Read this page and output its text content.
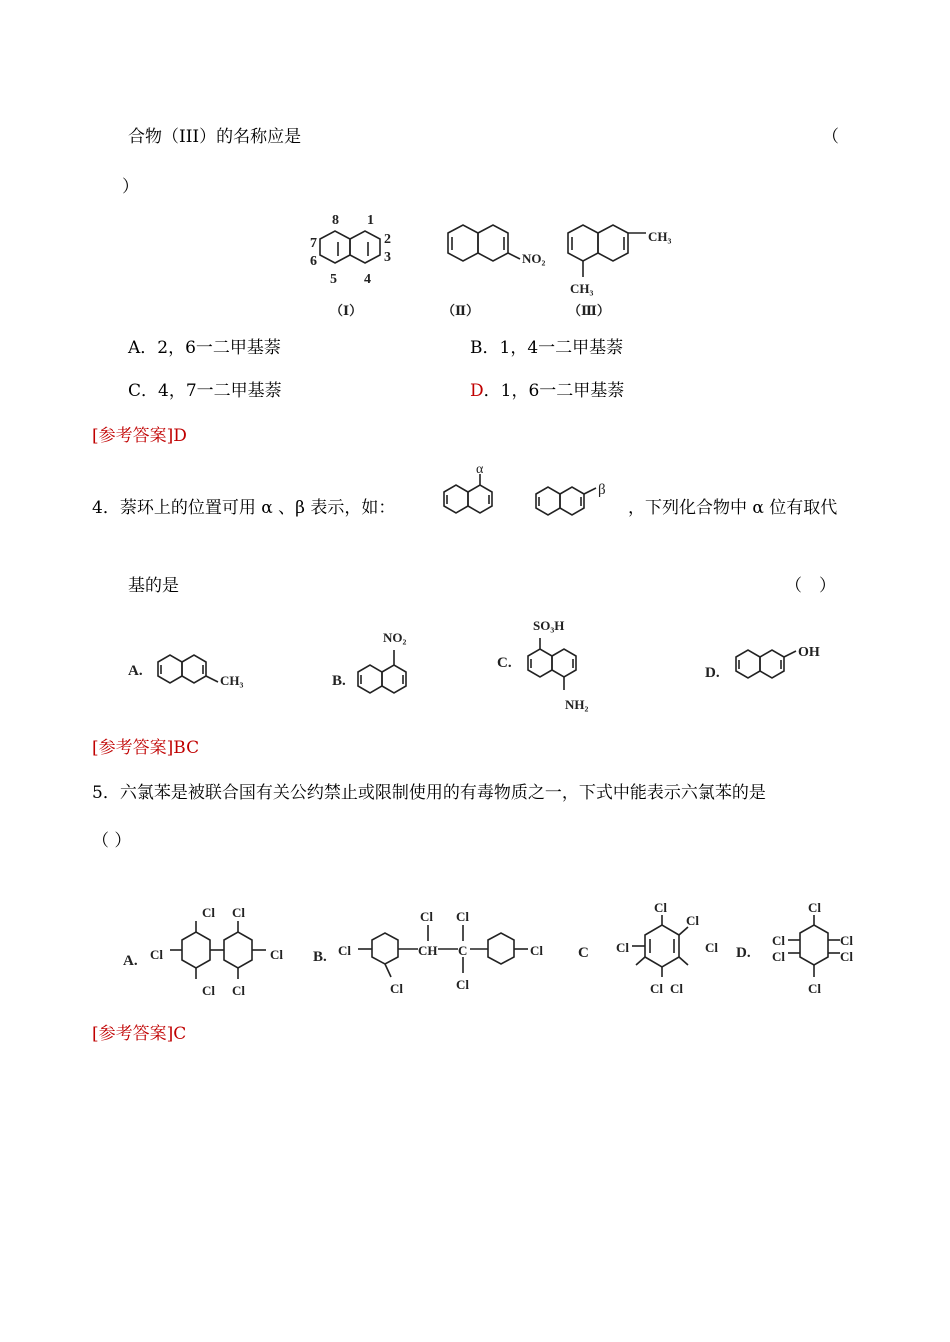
合物（III）的名称应是	（
）
8 1
2
3
4
5
6
7
（Ⅰ）
NO₂
（Ⅱ）
CH₃
CH₃
（Ⅲ）
A．2，6一二甲基萘	B．1，4一二甲基萘
C．4，7一二甲基萘	D．1，6一二甲基萘
[参考答案]D
4．萘环上的位置可用 α 、β 表示，如：
α
β
，下列化合物中 α 位有取代
基的是	（　）
A.
CH₃	B.
NO₂
C.
SO₃H
NH₂
D.
OH
[参考答案]BC
5．六氯苯是被联合国有关公约禁止或限制使用的有毒物质之一，下式中能表示六氯苯的是
（ ）
A. Cl
Cl Cl
Cl Cl
Cl B. Cl
Cl
CH
Cl
C
Cl
Cl
Cl C
Cl
Cl
Cl
Cl
Cl Cl
D.
Cl
Cl
Cl
Cl
Cl
Cl
[参考答案]C
